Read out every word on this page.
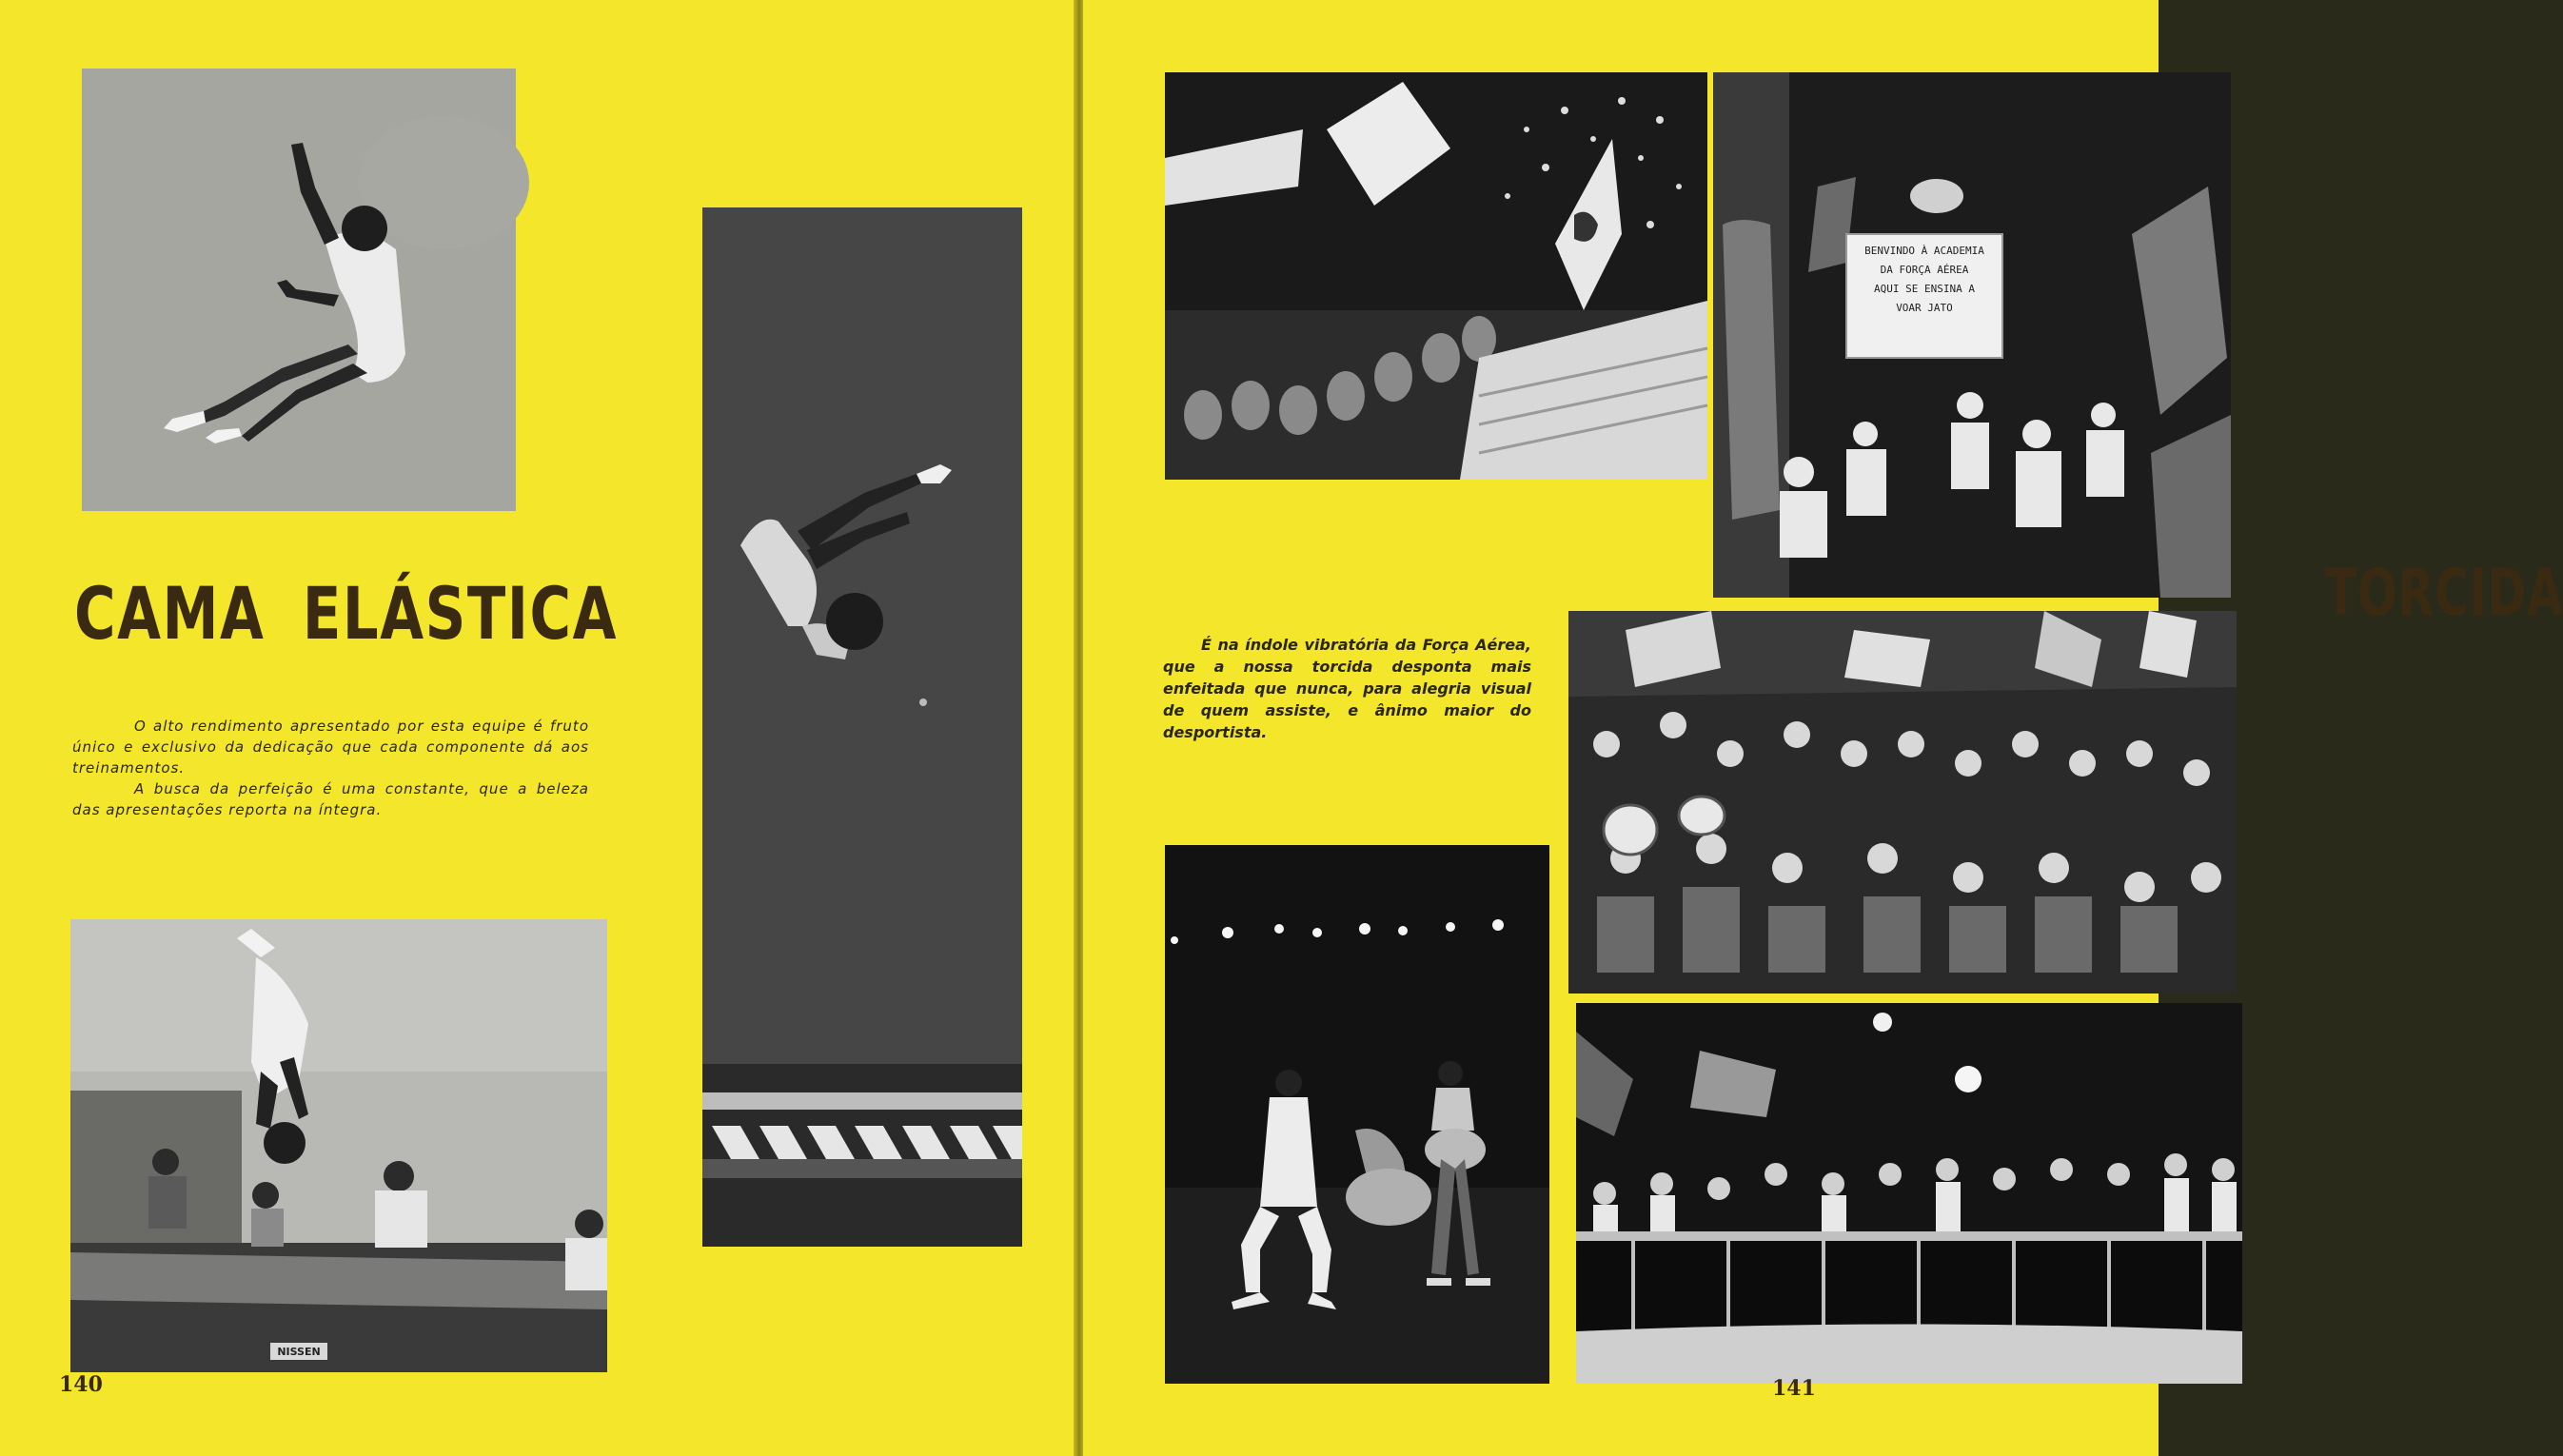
CAMA ELÁSTICA

O alto rendimento apresentado por esta equipe é fruto único e exclusivo da dedicação que cada componente dá aos treinamentos.

A busca da perfeição é uma constante, que a beleza das apresentações reporta na íntegra.

NISSEN
140
BENVINDO À ACADEMIA
DA FORÇA AÉREA
AQUI SE ENSINA A
VOAR JATO
TORCIDA
É na índole vibratória da Força Aérea, que a nossa torcida desponta mais enfeitada que nunca, para alegria visual de quem assiste, e ânimo maior do desportista.
141
